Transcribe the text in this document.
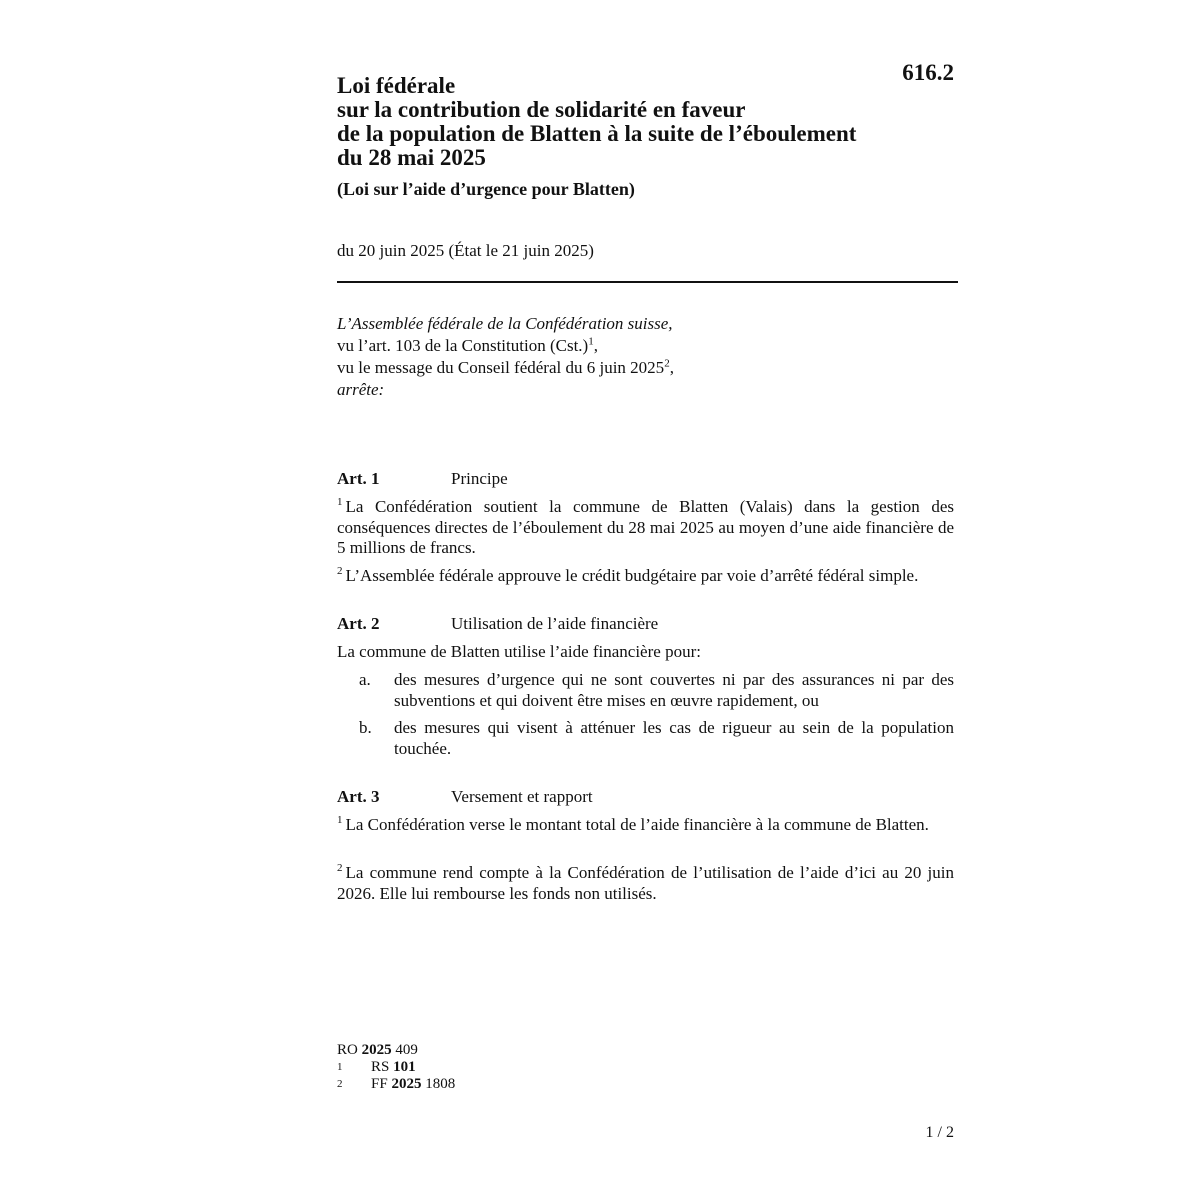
616.2
Loi fédérale
sur la contribution de solidarité en faveur
de la population de Blatten à la suite de l’éboulement
du 28 mai 2025
(Loi sur l’aide d’urgence pour Blatten)
du 20 juin 2025 (État le 21 juin 2025)
L’Assemblée fédérale de la Confédération suisse,
vu l’art. 103 de la Constitution $(Cst.)^1$,
vu le message du Conseil fédéral du 6 juin 2025$^2$,
arrête:
Art. 1	Principe
$^1$ La Confédération soutient la commune de Blatten (Valais) dans la gestion des conséquences directes de l’éboulement du 28 mai 2025 au moyen d’une aide financière de 5 millions de francs.
$^2$ L’Assemblée fédérale approuve le crédit budgétaire par voie d’arrêté fédéral simple.
Art. 2	Utilisation de l’aide financière
La commune de Blatten utilise l’aide financière pour:
a.	des mesures d’urgence qui ne sont couvertes ni par des assurances ni par des subventions et qui doivent être mises en œuvre rapidement, ou
b.	des mesures qui visent à atténuer les cas de rigueur au sein de la population touchée.
Art. 3	Versement et rapport
$^1$ La Confédération verse le montant total de l’aide financière à la commune de Blatten.
$^2$ La commune rend compte à la Confédération de l’utilisation de l’aide d’ici au 20 juin 2026. Elle lui rembourse les fonds non utilisés.
RO 2025 409
1	RS 101
2	FF 2025 1808
1 / 2
